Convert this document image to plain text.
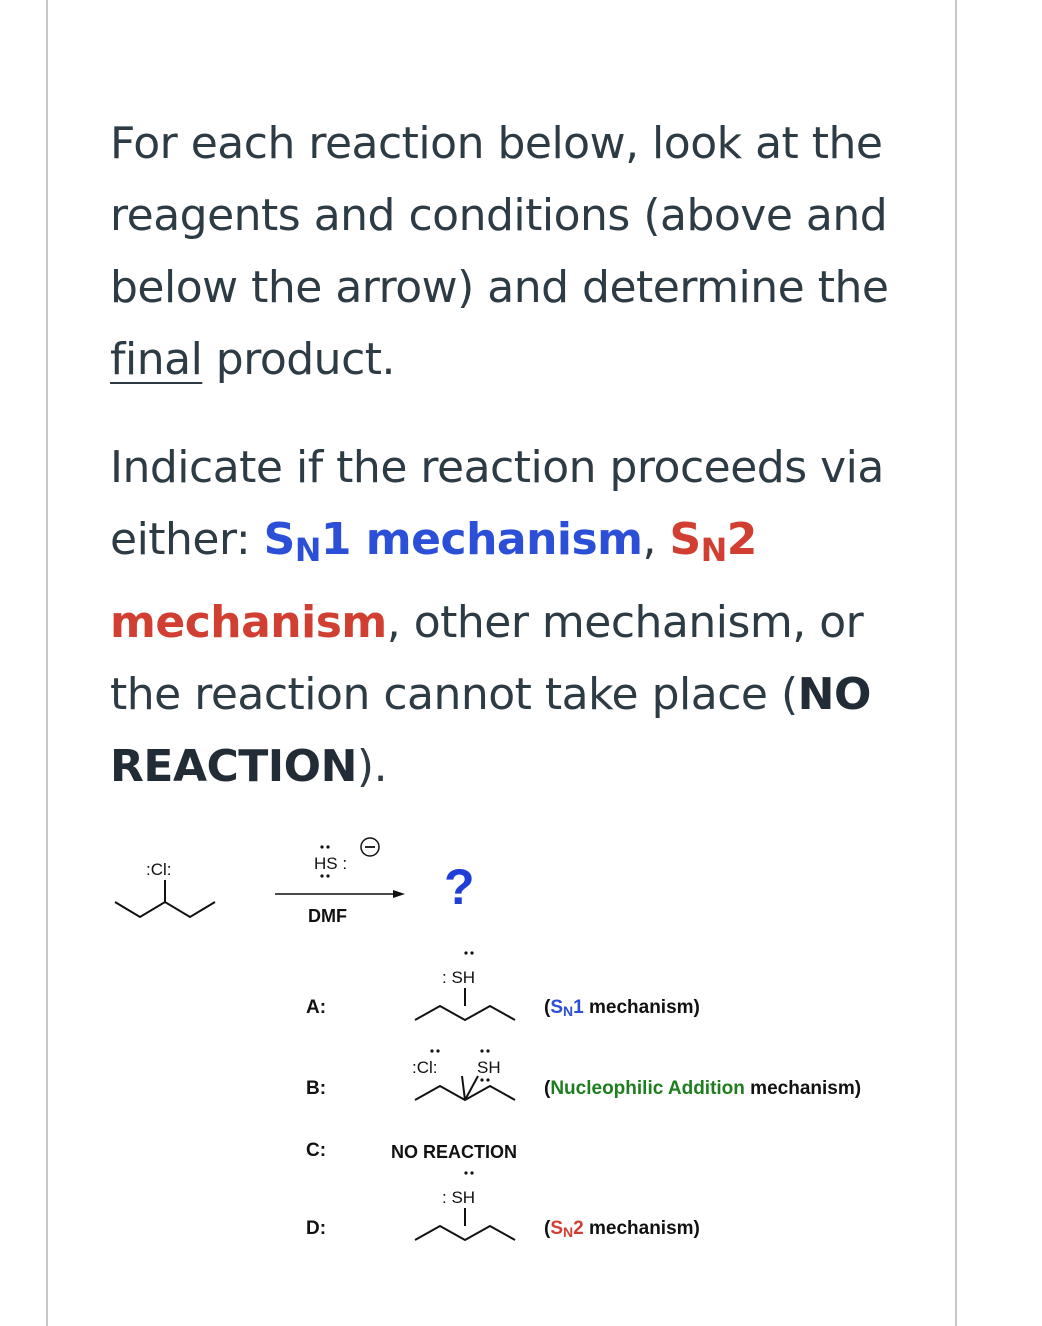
For each reaction below, look at the reagents and conditions (above and below the arrow) and determine the final product.

Indicate if the reaction proceeds via either: $S_N1$ mechanism, $S_N2$ mechanism, other mechanism, or the reaction cannot take place (NO REACTION).

:Cl:	HS :
DMF
?
A:
: SH
(SN1 mechanism)
B:
:Cl: SH
(Nucleophilic Addition mechanism)
C:	NO REACTION
D:
: SH
(SN2 mechanism)
